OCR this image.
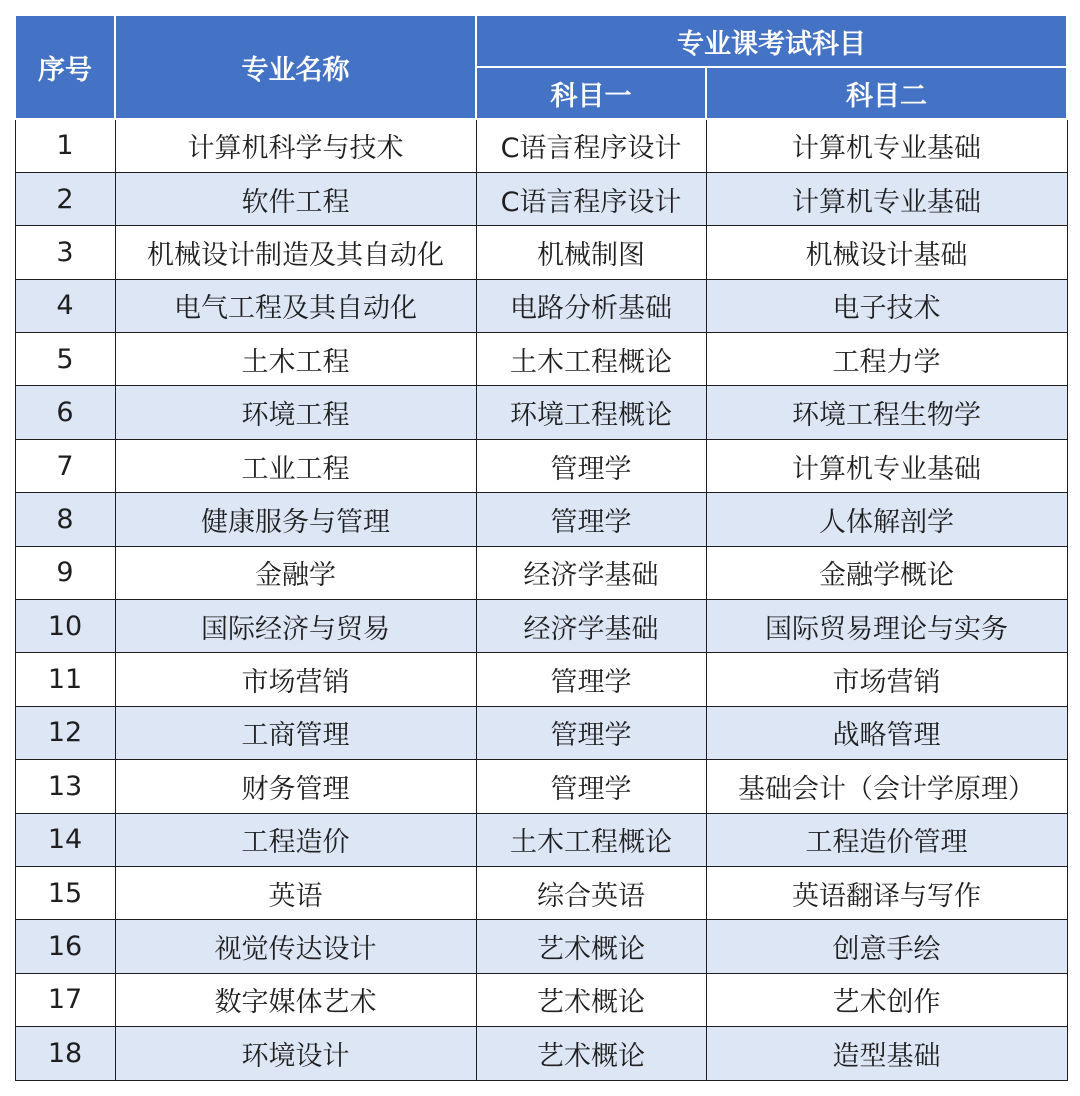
序号	专业名称	专业课考试科目	
		科目一	科目二
1	计算机科学与技术	C语言程序设计	计算机专业基础
2	软件工程	C语言程序设计	计算机专业基础
3	机械设计制造及其自动化	机械制图	机械设计基础
4	电气工程及其自动化	电路分析基础	电子技术
5	土木工程	土木工程概论	工程力学
6	环境工程	环境工程概论	环境工程生物学
7	工业工程	管理学	计算机专业基础
8	健康服务与管理	管理学	人体解剖学
9	金融学	经济学基础	金融学概论
10	国际经济与贸易	经济学基础	国际贸易理论与实务
11	市场营销	管理学	市场营销
12	工商管理	管理学	战略管理
13	财务管理	管理学	基础会计（会计学原理）
14	工程造价	土木工程概论	工程造价管理
15	英语	综合英语	英语翻译与写作
16	视觉传达设计	艺术概论	创意手绘
17	数字媒体艺术	艺术概论	艺术创作
18	环境设计	艺术概论	造型基础
